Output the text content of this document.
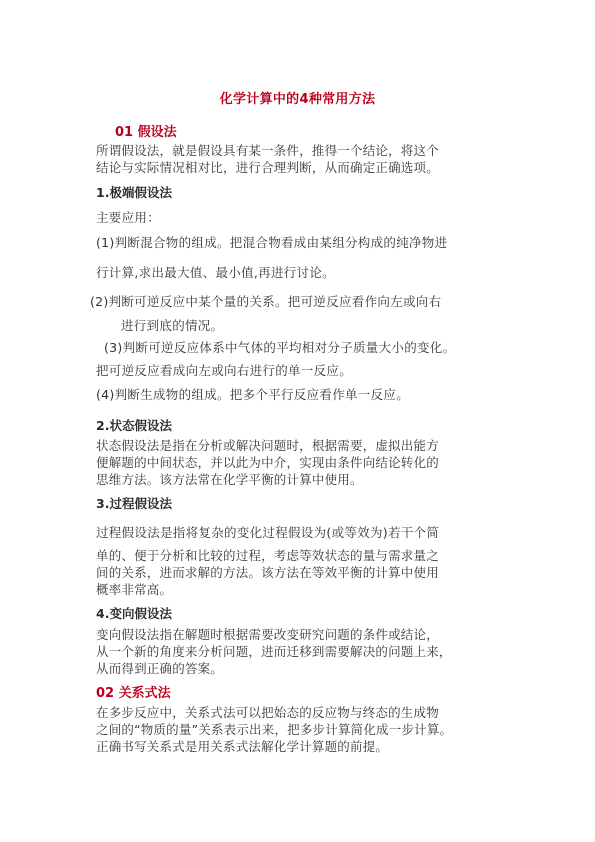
化学计算中的4种常用方法
01 假设法
所谓假设法，就是假设具有某一条件，推得一个结论，将这个
结论与实际情况相对比，进行合理判断，从而确定正确选项。
1.极端假设法
主要应用：
(1)判断混合物的组成。把混合物看成由某组分构成的纯净物进
行计算,求出最大值、最小值,再进行讨论。
(2)判断可逆反应中某个量的关系。把可逆反应看作向左或向右
进行到底的情况。
(3)判断可逆反应体系中气体的平均相对分子质量大小的变化。
把可逆反应看成向左或向右进行的单一反应。
(4)判断生成物的组成。把多个平行反应看作单一反应。
2.状态假设法
状态假设法是指在分析或解决问题时，根据需要，虚拟出能方
便解题的中间状态，并以此为中介，实现由条件向结论转化的
思维方法。该方法常在化学平衡的计算中使用。
3.过程假设法
过程假设法是指将复杂的变化过程假设为(或等效为)若干个简
单的、便于分析和比较的过程，考虑等效状态的量与需求量之
间的关系，进而求解的方法。该方法在等效平衡的计算中使用
概率非常高。
4.变向假设法
变向假设法指在解题时根据需要改变研究问题的条件或结论，
从一个新的角度来分析问题，进而迁移到需要解决的问题上来，
从而得到正确的答案。
02 关系式法
在多步反应中，关系式法可以把始态的反应物与终态的生成物
之间的“物质的量”关系表示出来，把多步计算简化成一步计算。
正确书写关系式是用关系式法解化学计算题的前提。
